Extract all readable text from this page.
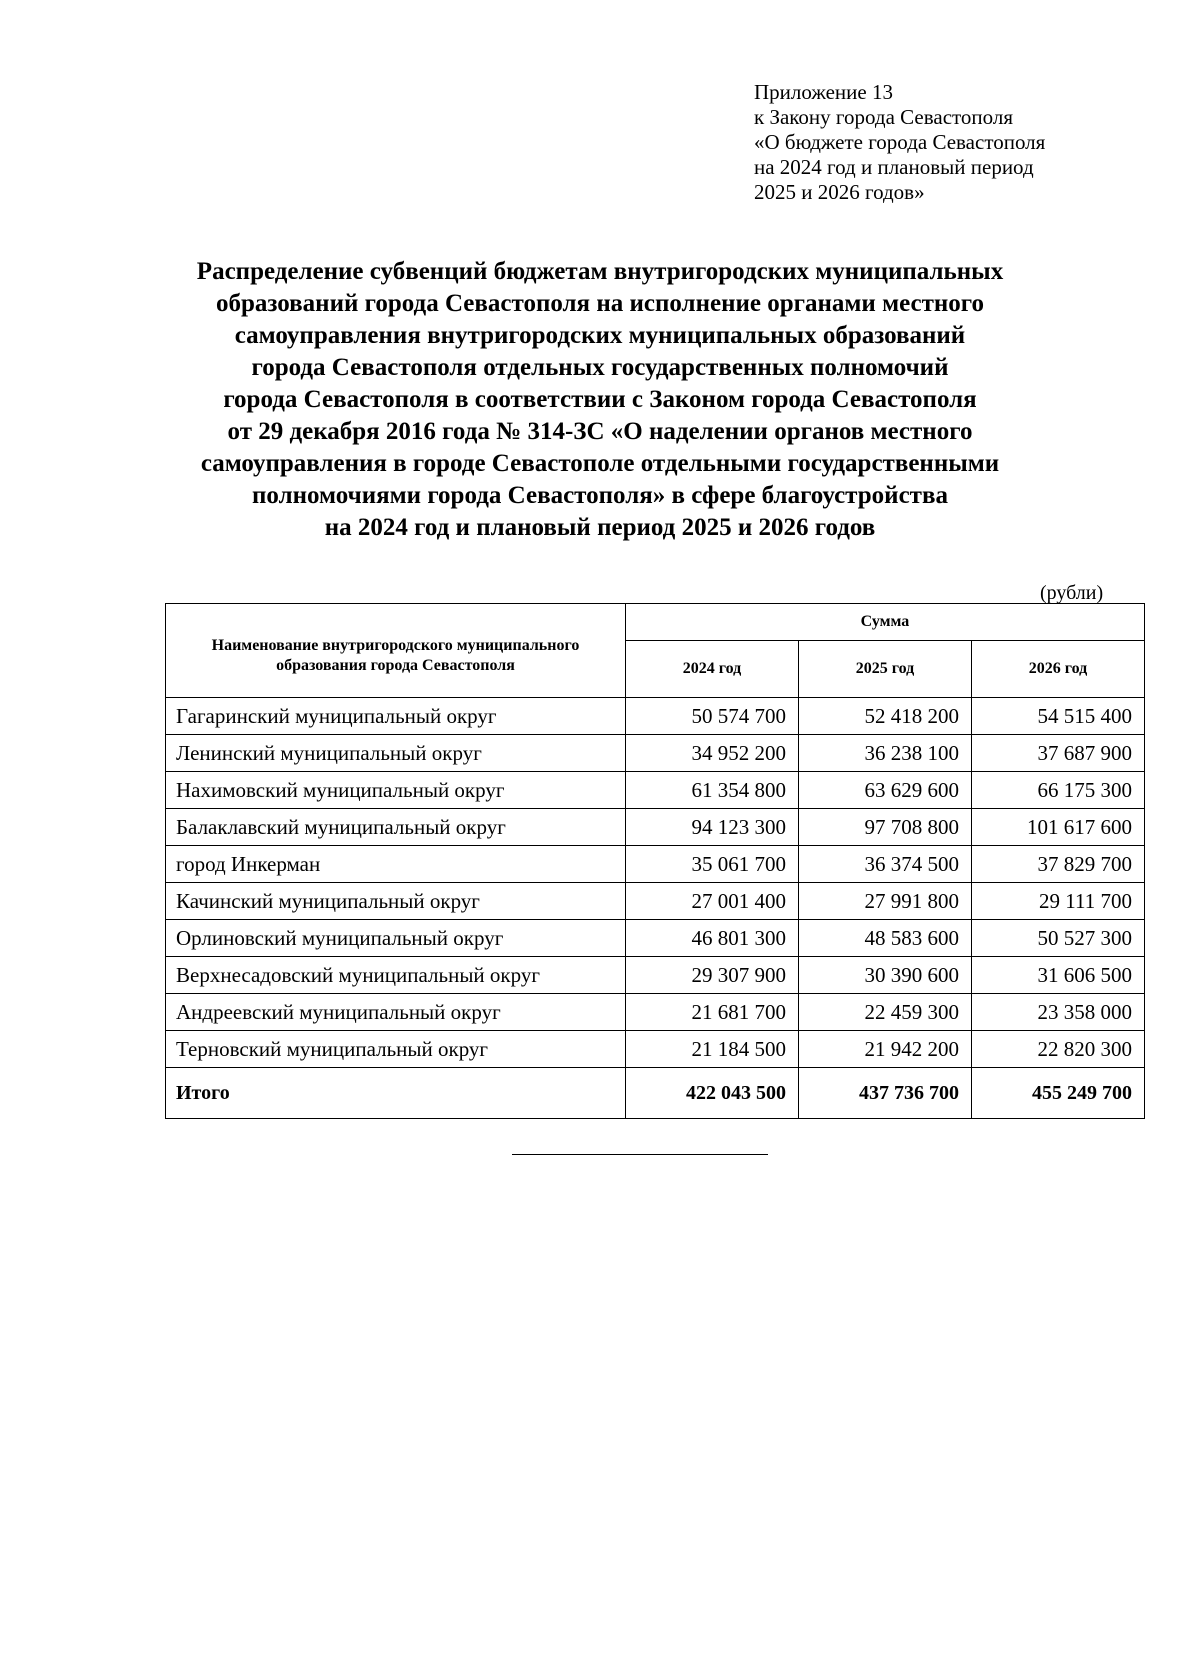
Приложение 13
к Закону города Севастополя
«О бюджете города Севастополя
на 2024 год и плановый период
2025 и 2026 годов»
Распределение субвенций бюджетам внутригородских муниципальных
образований города Севастополя на исполнение органами местного
самоуправления внутригородских муниципальных образований
города Севастополя отдельных государственных полномочий
города Севастополя в соответствии с Законом города Севастополя
от 29 декабря 2016 года № 314-ЗС «О наделении органов местного
самоуправления в городе Севастополе отдельными государственными
полномочиями города Севастополя» в сфере благоустройства
на 2024 год и плановый период 2025 и 2026 годов
(рубли)
Наименование внутригородского муниципального образования города Севастополя	Сумма		
	2024 год	2025 год	2026 год
Гагаринский муниципальный округ	50 574 700	52 418 200	54 515 400
Ленинский муниципальный округ	34 952 200	36 238 100	37 687 900
Нахимовский муниципальный округ	61 354 800	63 629 600	66 175 300
Балаклавский муниципальный округ	94 123 300	97 708 800	101 617 600
город Инкерман	35 061 700	36 374 500	37 829 700
Качинский муниципальный округ	27 001 400	27 991 800	29 111 700
Орлиновский муниципальный округ	46 801 300	48 583 600	50 527 300
Верхнесадовский муниципальный округ	29 307 900	30 390 600	31 606 500
Андреевский муниципальный округ	21 681 700	22 459 300	23 358 000
Терновский муниципальный округ	21 184 500	21 942 200	22 820 300
Итого	422 043 500	437 736 700	455 249 700
